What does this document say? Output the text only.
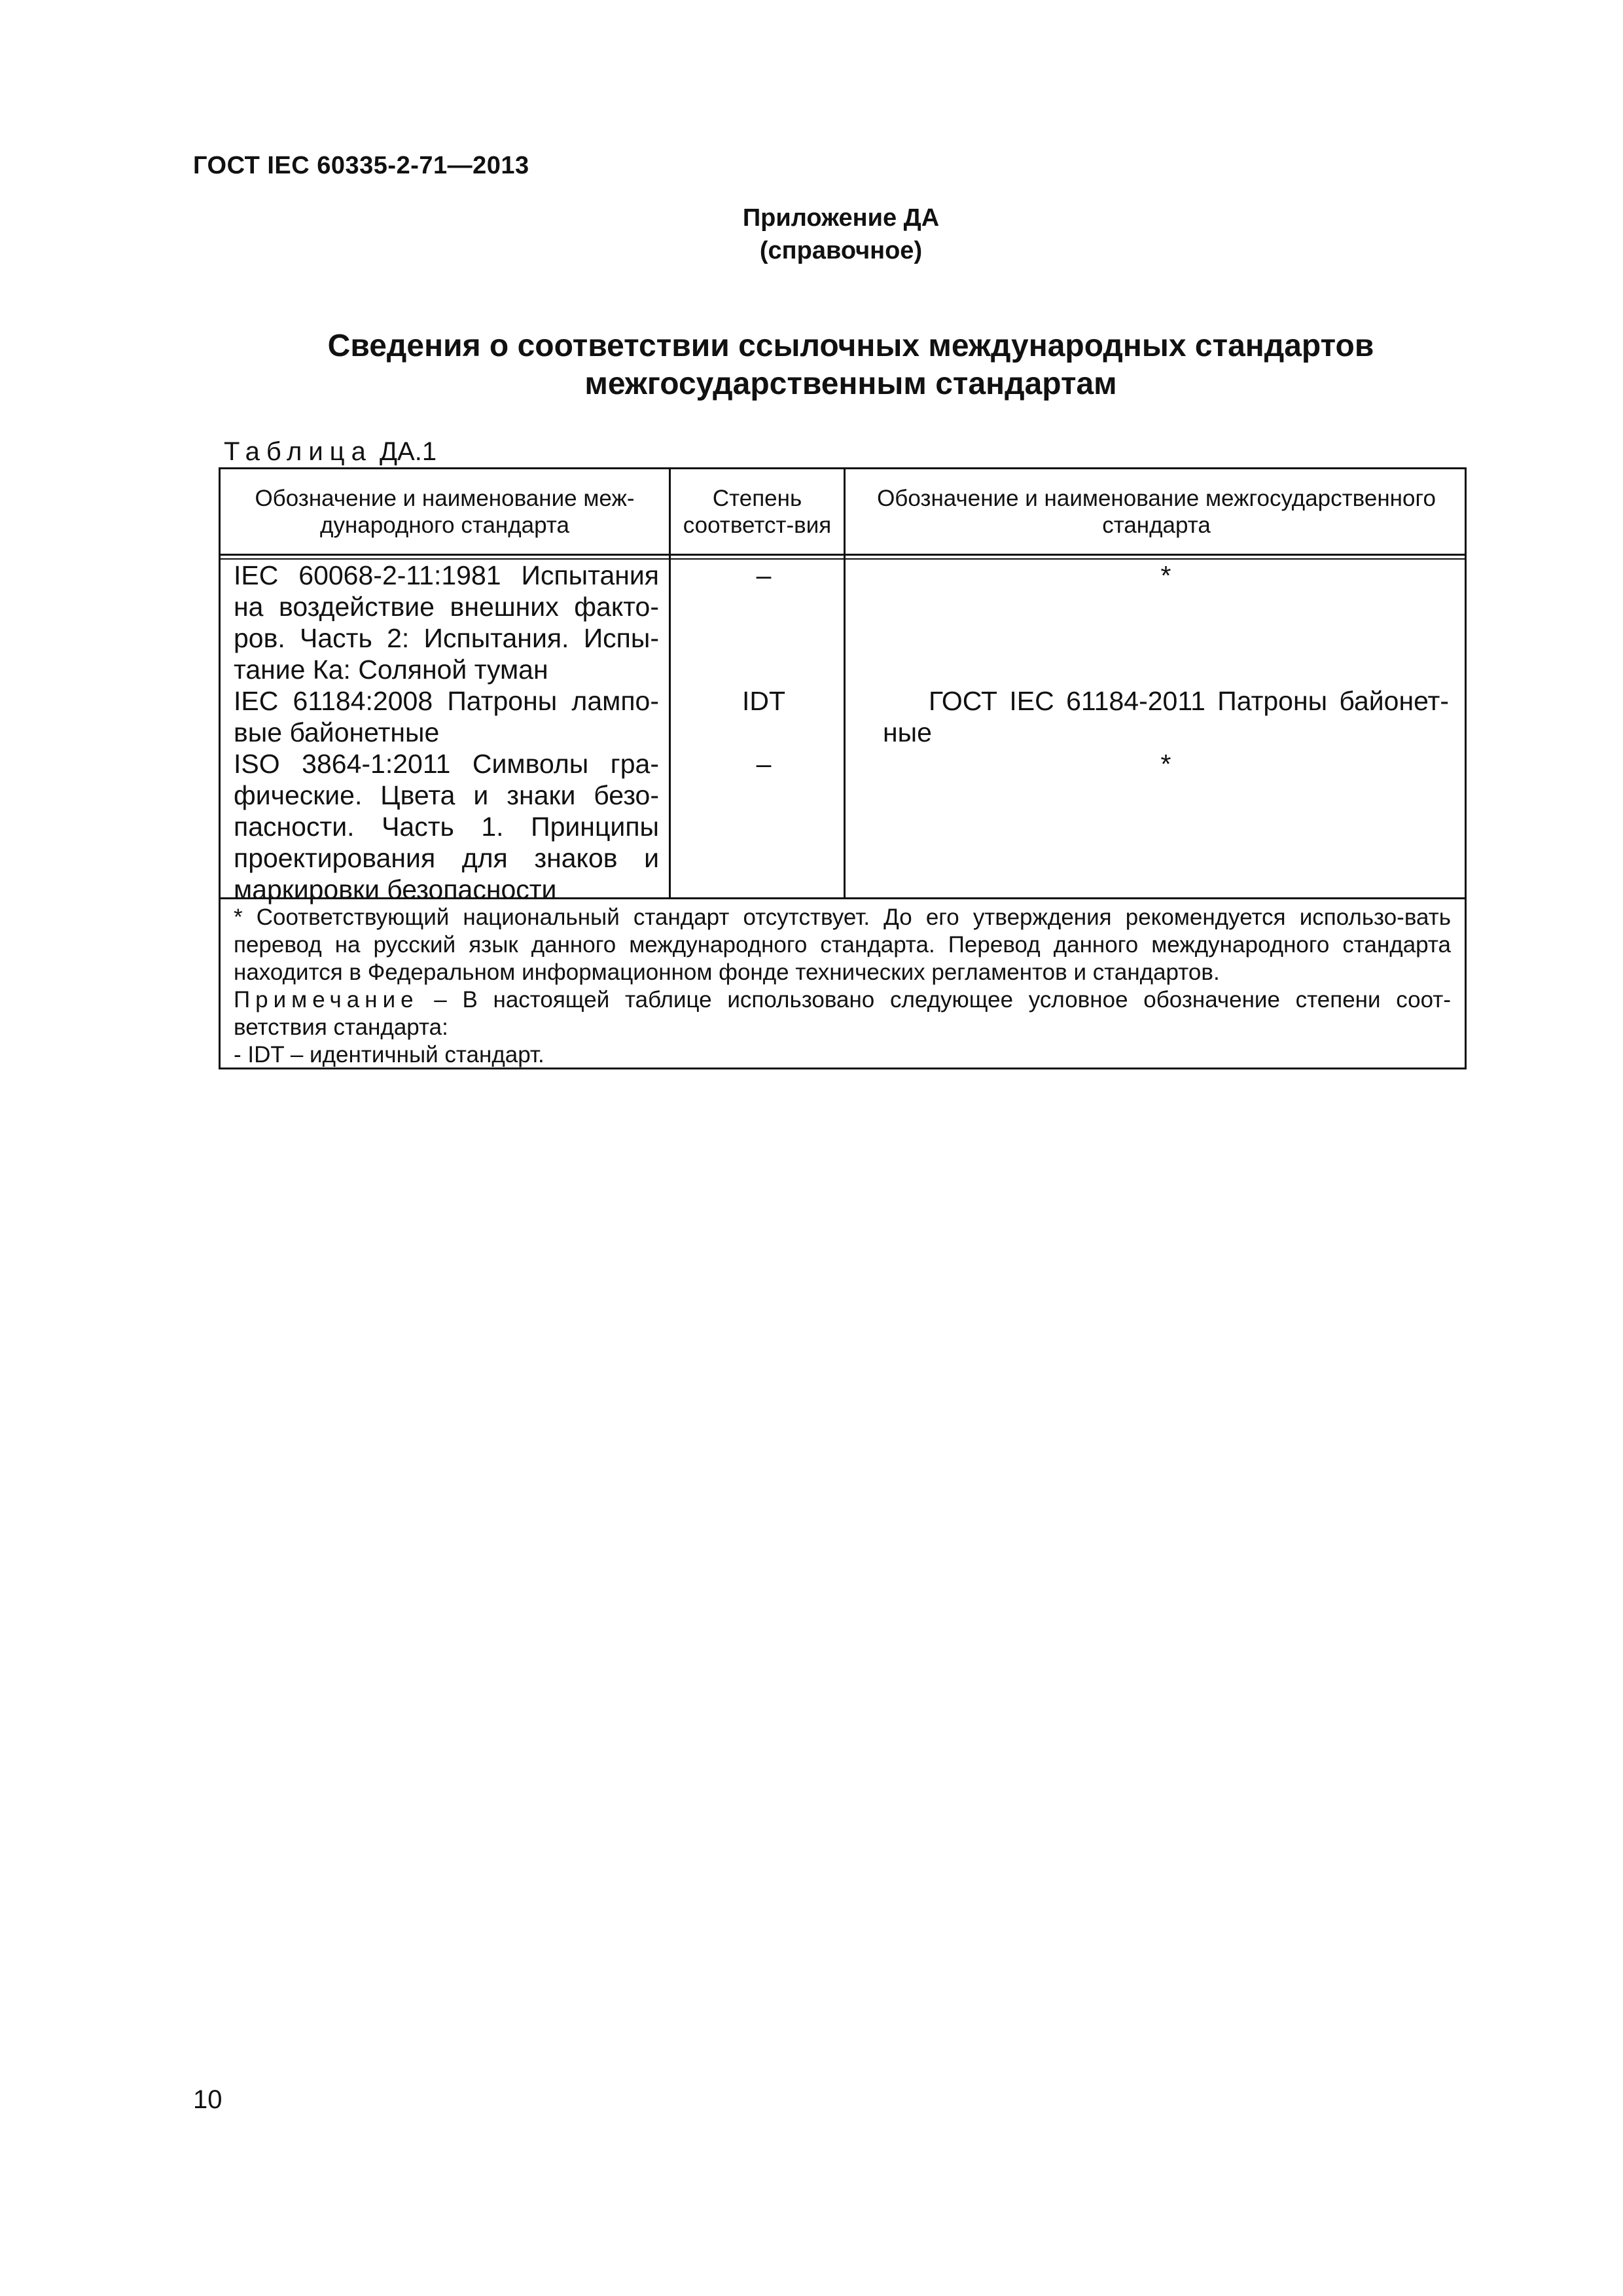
ГОСТ IEC 60335-2-71—2013
Приложение ДА
(справочное)
Сведения о соответствии ссылочных международных стандартов
межгосударственным стандартам
Таблица ДА.1
Обозначение и наименование меж-дународного стандарта
Степень соответст-вия
Обозначение и наименование межгосударственного стандарта
IEC 60068-2-11:1981 Испытания на воздействие внешних факто-ров. Часть 2: Испытания. Испы-тание Ка: Соляной туман
IEC 61184:2008 Патроны лампо-вые байонетные
ISO 3864-1:2011 Символы гра-фические. Цвета и знаки безо-пасности. Часть 1. Принципы проектирования для знаков и маркировки безопасности
–
IDT
–
*
ГОСТ IEC 61184-2011 Патроны байонет-ные
*

* Соответствующий национальный стандарт отсутствует. До его утверждения рекомендуется использо-вать перевод на русский язык данного международного стандарта. Перевод данного международного стандарта находится в Федеральном информационном фонде технических регламентов и стандартов.

Примечание – В настоящей таблице использовано следующее условное обозначение степени соот-ветствия стандарта:

- IDT – идентичный стандарт.

10
